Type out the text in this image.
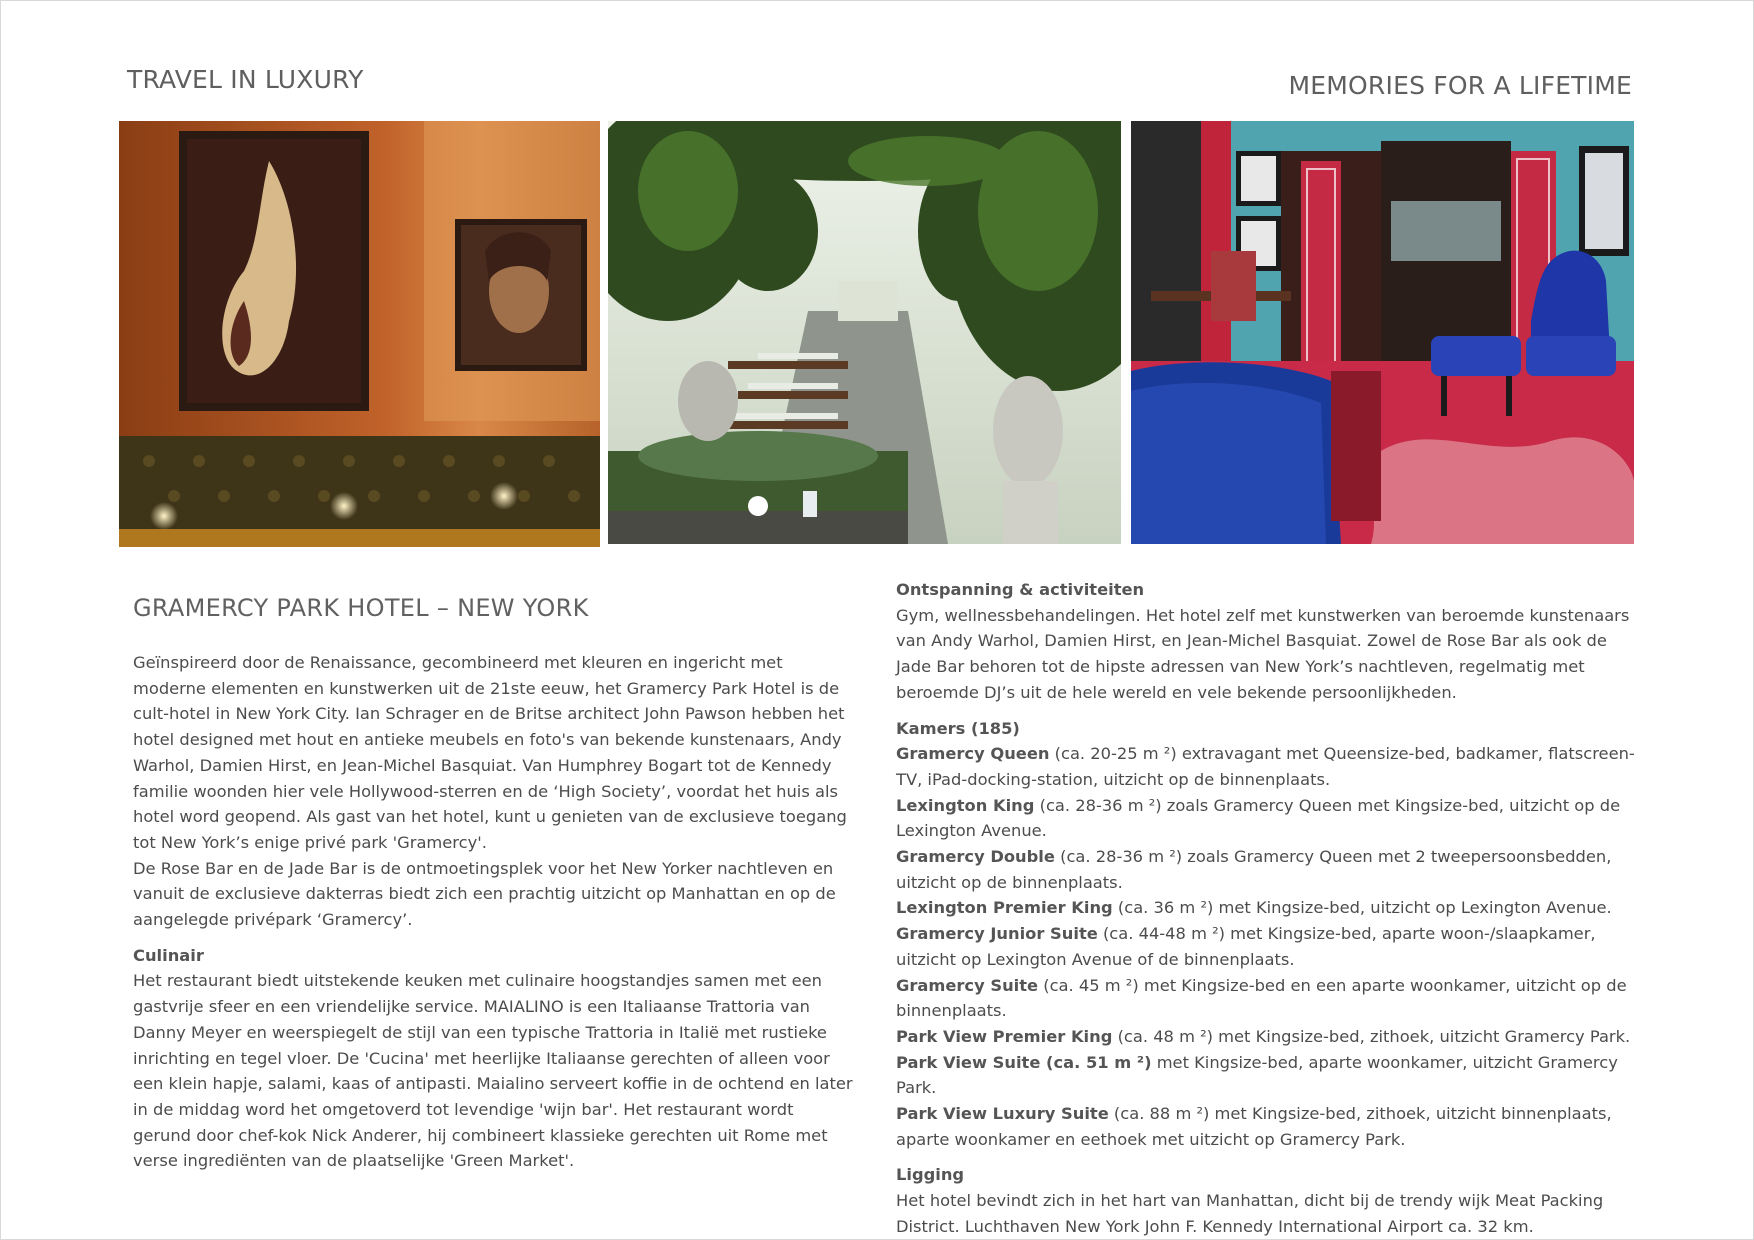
TRAVEL IN LUXURY	MEMORIES FOR A LIFETIME
GRAMERCY PARK HOTEL – NEW YORK

Geïnspireerd door de Renaissance, gecombineerd met kleuren en ingericht met moderne elementen en kunstwerken uit de 21ste eeuw, het Gramercy Park Hotel is de cult-hotel in New York City. Ian Schrager en de Britse architect John Pawson hebben het hotel designed met hout en antieke meubels en foto's van bekende kunstenaars, Andy Warhol, Damien Hirst, en Jean-Michel Basquiat. Van Humphrey Bogart tot de Kennedy familie woonden hier vele Hollywood-sterren en de ‘High Society’, voordat het huis als hotel word geopend. Als gast van het hotel, kunt u genieten van de exclusieve toegang tot New York’s enige privé park 'Gramercy'.

De Rose Bar en de Jade Bar is de ontmoetingsplek voor het New Yorker nachtleven en vanuit de exclusieve dakterras biedt zich een prachtig uitzicht op Manhattan en op de aangelegde privépark ‘Gramercy’.

Culinair

Het restaurant biedt uitstekende keuken met culinaire hoogstandjes samen met een gastvrije sfeer en een vriendelijke service. MAIALINO is een Italiaanse Trattoria van Danny Meyer en weerspiegelt de stijl van een typische Trattoria in Italië met rustieke inrichting en tegel vloer. De 'Cucina' met heerlijke Italiaanse gerechten of alleen voor een klein hapje, salami, kaas of antipasti. Maialino serveert koffie in de ochtend en later in de middag word het omgetoverd tot levendige 'wijn bar'. Het restaurant wordt gerund door chef-kok Nick Anderer, hij combineert klassieke gerechten uit Rome met verse ingrediënten van de plaatselijke 'Green Market'.

Ontspanning & activiteiten

Gym, wellnessbehandelingen. Het hotel zelf met kunstwerken van beroemde kunstenaars van Andy Warhol, Damien Hirst, en Jean-Michel Basquiat. Zowel de Rose Bar als ook de Jade Bar behoren tot de hipste adressen van New York’s nachtleven, regelmatig met beroemde DJ’s uit de hele wereld en vele bekende persoonlijkheden.

Kamers (185)

Gramercy Queen (ca. 20-25 m ²) extravagant met Queensize-bed, badkamer, flatscreen-TV, iPad-docking-station, uitzicht op de binnenplaats.

Lexington King (ca. 28-36 m ²) zoals Gramercy Queen met Kingsize-bed, uitzicht op de Lexington Avenue.

Gramercy Double (ca. 28-36 m ²) zoals Gramercy Queen met 2 tweepersoonsbedden, uitzicht op de binnenplaats.

Lexington Premier King (ca. 36 m ²) met Kingsize-bed, uitzicht op Lexington Avenue.

Gramercy Junior Suite (ca. 44-48 m ²) met Kingsize-bed, aparte woon-/slaapkamer, uitzicht op Lexington Avenue of de binnenplaats.

Gramercy Suite (ca. 45 m ²) met Kingsize-bed en een aparte woonkamer, uitzicht op de binnenplaats.

Park View Premier King (ca. 48 m ²) met Kingsize-bed, zithoek, uitzicht Gramercy Park.

Park View Suite (ca. 51 m ²) met Kingsize-bed, aparte woonkamer, uitzicht Gramercy Park.

Park View Luxury Suite (ca. 88 m ²) met Kingsize-bed, zithoek, uitzicht binnenplaats, aparte woonkamer en eethoek met uitzicht op Gramercy Park.

Ligging

Het hotel bevindt zich in het hart van Manhattan, dicht bij de trendy wijk Meat Packing District. Luchthaven New York John F. Kennedy International Airport ca. 32 km.
